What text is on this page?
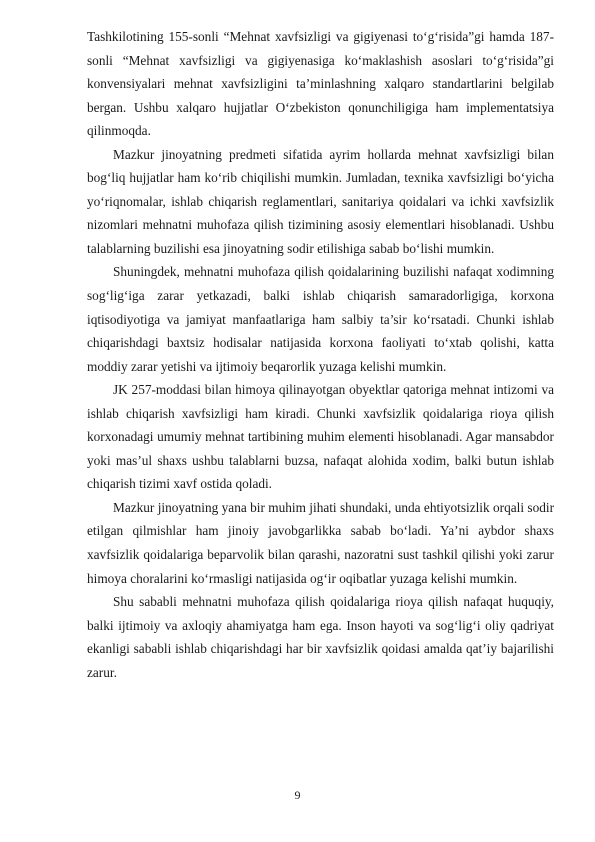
Tashkilotining 155-sonli “Mehnat xavfsizligi va gigiyenasi to‘g‘risida”gi hamda 187-sonli “Mehnat xavfsizligi va gigiyenasiga ko‘maklashish asoslari to‘g‘risida”gi konvensiyalari mehnat xavfsizligini ta’minlashning xalqaro standartlarini belgilab bergan. Ushbu xalqaro hujjatlar O‘zbekiston qonunchiligiga ham implementatsiya qilinmoqda.

Mazkur jinoyatning predmeti sifatida ayrim hollarda mehnat xavfsizligi bilan bog‘liq hujjatlar ham ko‘rib chiqilishi mumkin. Jumladan, texnika xavfsizligi bo‘yicha yo‘riqnomalar, ishlab chiqarish reglamentlari, sanitariya qoidalari va ichki xavfsizlik nizomlari mehnatni muhofaza qilish tizimining asosiy elementlari hisoblanadi. Ushbu talablarning buzilishi esa jinoyatning sodir etilishiga sabab bo‘lishi mumkin.

Shuningdek, mehnatni muhofaza qilish qoidalarining buzilishi nafaqat xodimning sog‘lig‘iga zarar yetkazadi, balki ishlab chiqarish samaradorligiga, korxona iqtisodiyotiga va jamiyat manfaatlariga ham salbiy ta’sir ko‘rsatadi. Chunki ishlab chiqarishdagi baxtsiz hodisalar natijasida korxona faoliyati to‘xtab qolishi, katta moddiy zarar yetishi va ijtimoiy beqarorlik yuzaga kelishi mumkin.

JK 257-moddasi bilan himoya qilinayotgan obyektlar qatoriga mehnat intizomi va ishlab chiqarish xavfsizligi ham kiradi. Chunki xavfsizlik qoidalariga rioya qilish korxonadagi umumiy mehnat tartibining muhim elementi hisoblanadi. Agar mansabdor yoki mas’ul shaxs ushbu talablarni buzsa, nafaqat alohida xodim, balki butun ishlab chiqarish tizimi xavf ostida qoladi.

Mazkur jinoyatning yana bir muhim jihati shundaki, unda ehtiyotsizlik orqali sodir etilgan qilmishlar ham jinoiy javobgarlikka sabab bo‘ladi. Ya’ni aybdor shaxs xavfsizlik qoidalariga beparvolik bilan qarashi, nazoratni sust tashkil qilishi yoki zarur himoya choralarini ko‘rmasligi natijasida og‘ir oqibatlar yuzaga kelishi mumkin.

Shu sababli mehnatni muhofaza qilish qoidalariga rioya qilish nafaqat huquqiy, balki ijtimoiy va axloqiy ahamiyatga ham ega. Inson hayoti va sog‘lig‘i oliy qadriyat ekanligi sababli ishlab chiqarishdagi har bir xavfsizlik qoidasi amalda qat’iy bajarilishi zarur.

9
